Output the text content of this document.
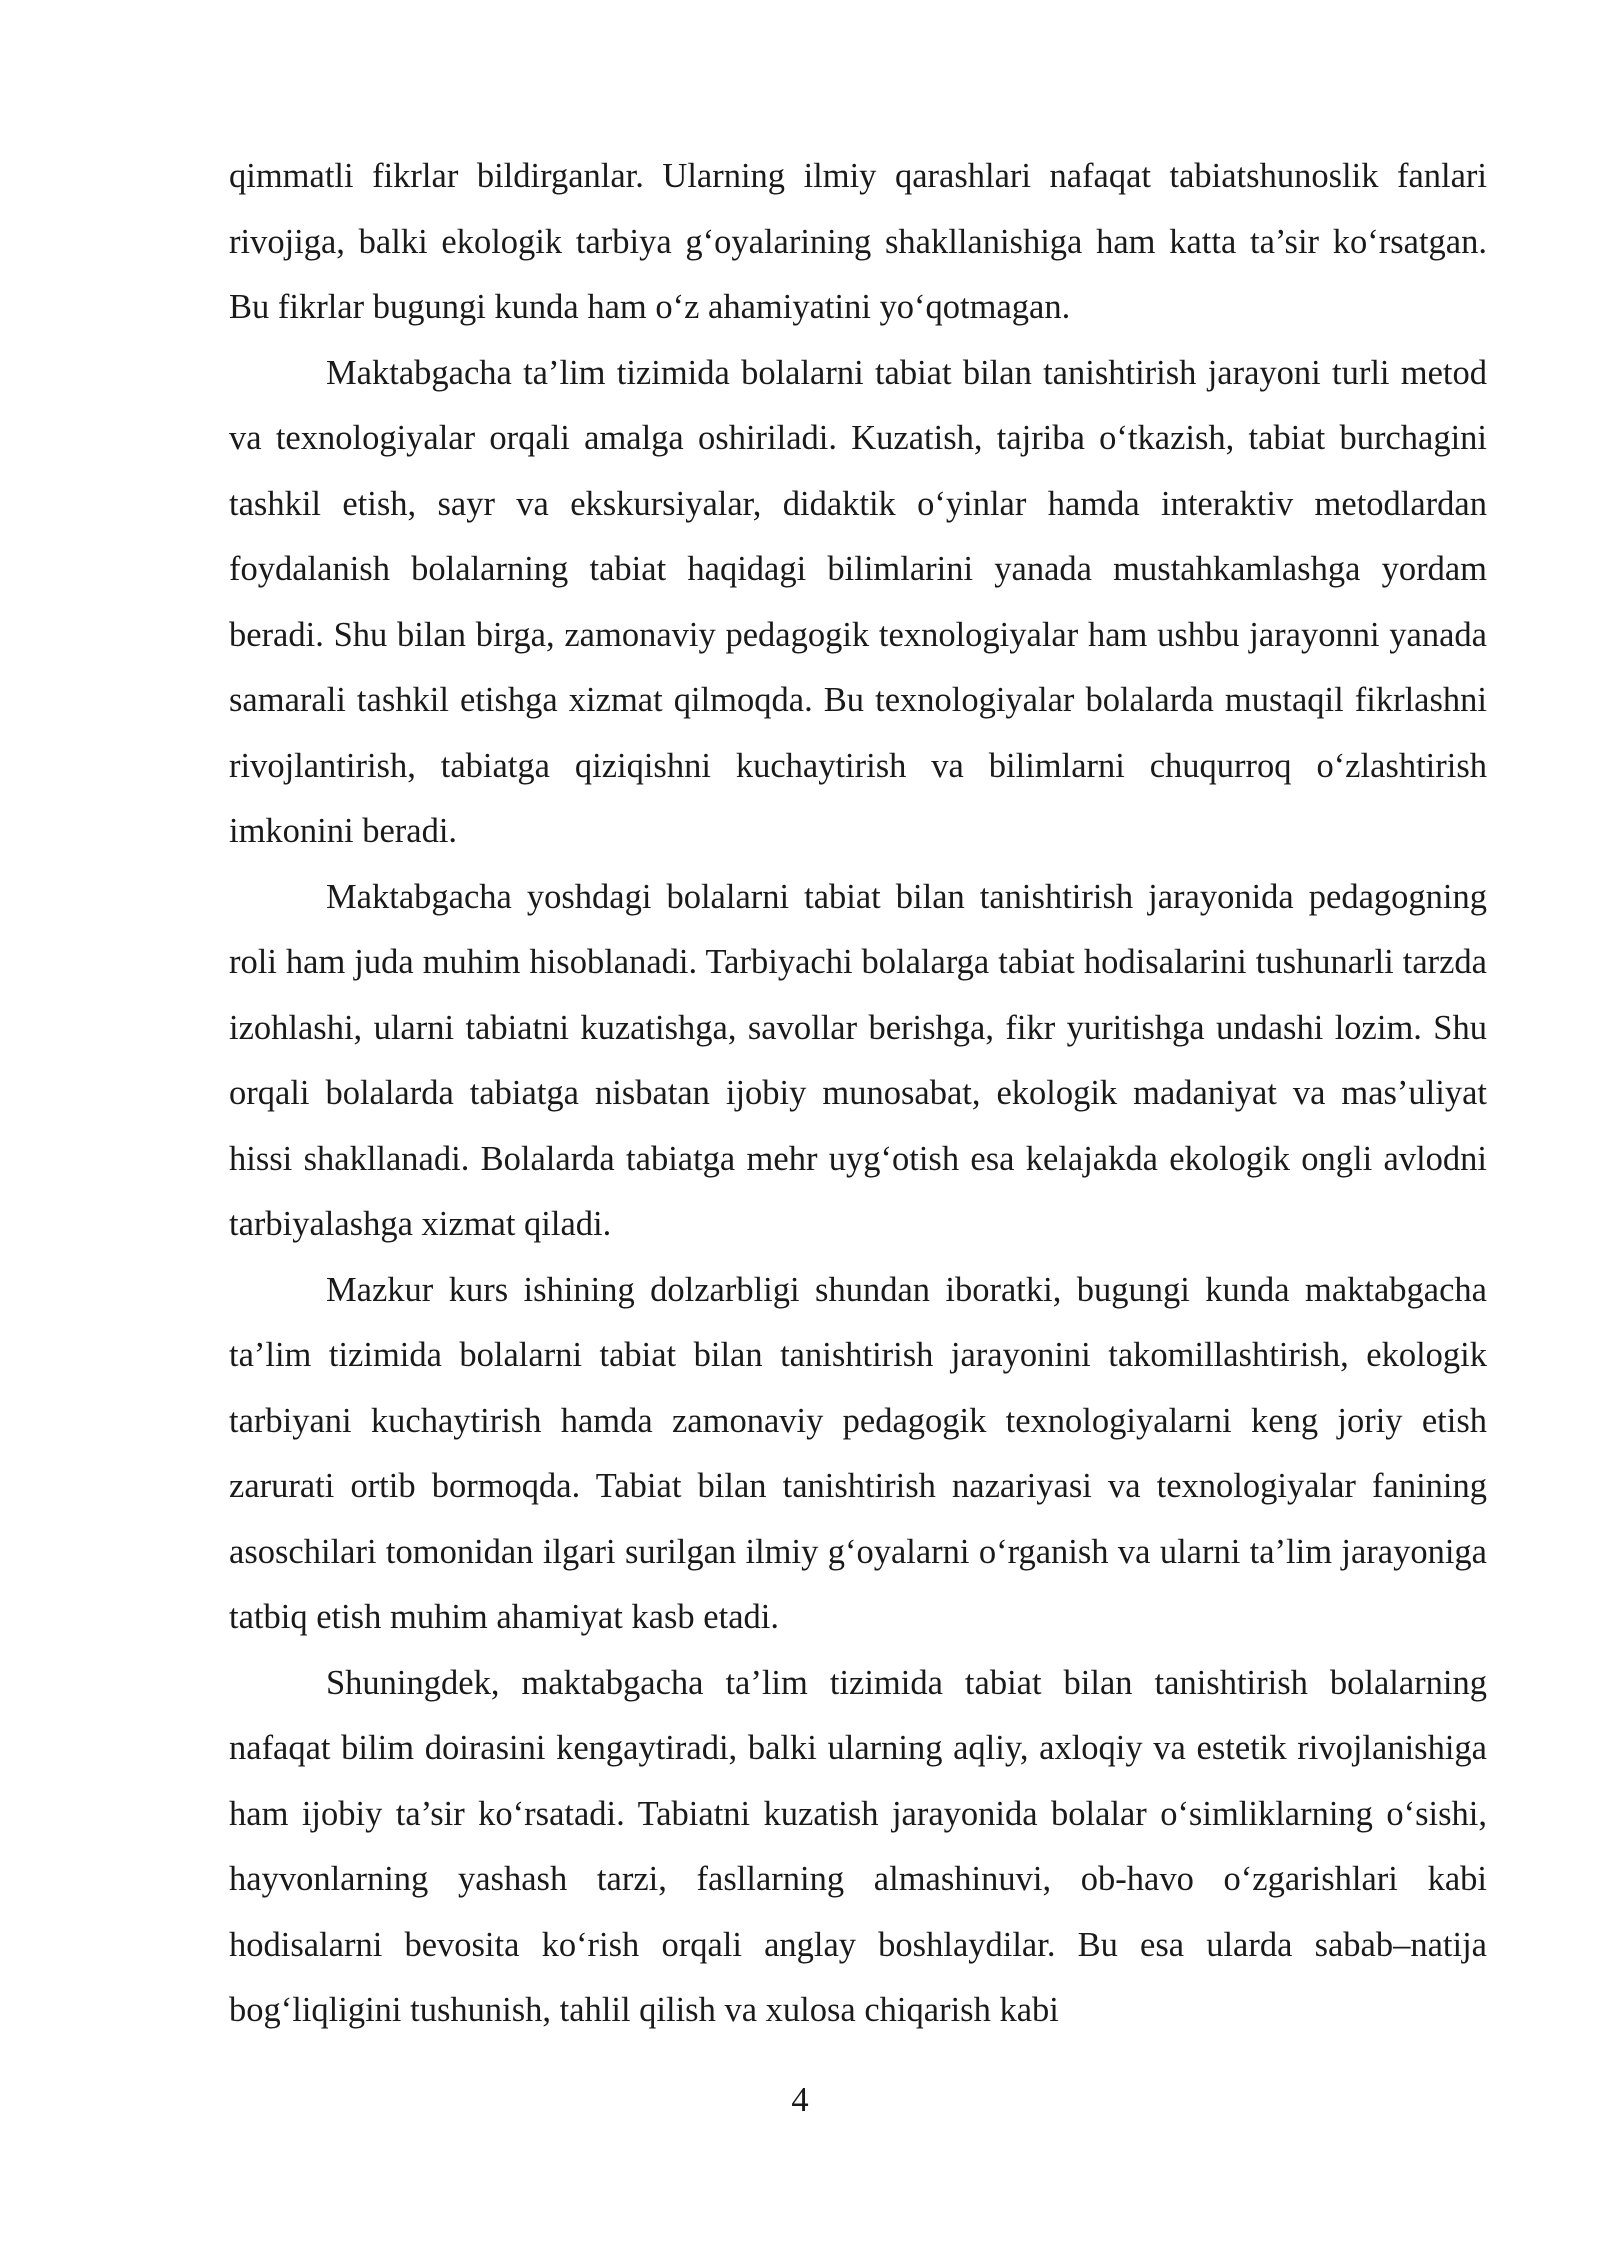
qimmatli fikrlar bildirganlar. Ularning ilmiy qarashlari nafaqat tabiatshunoslik fanlari rivojiga, balki ekologik tarbiya g‘oyalarining shakllanishiga ham katta ta’sir ko‘rsatgan. Bu fikrlar bugungi kunda ham o‘z ahamiyatini yo‘qotmagan.

Maktabgacha ta’lim tizimida bolalarni tabiat bilan tanishtirish jarayoni turli metod va texnologiyalar orqali amalga oshiriladi. Kuzatish, tajriba o‘tkazish, tabiat burchagini tashkil etish, sayr va ekskursiyalar, didaktik o‘yinlar hamda interaktiv metodlardan foydalanish bolalarning tabiat haqidagi bilimlarini yanada mustahkamlashga yordam beradi. Shu bilan birga, zamonaviy pedagogik texnologiyalar ham ushbu jarayonni yanada samarali tashkil etishga xizmat qilmoqda. Bu texnologiyalar bolalarda mustaqil fikrlashni rivojlantirish, tabiatga qiziqishni kuchaytirish va bilimlarni chuqurroq o‘zlashtirish imkonini beradi.

Maktabgacha yoshdagi bolalarni tabiat bilan tanishtirish jarayonida pedagogning roli ham juda muhim hisoblanadi. Tarbiyachi bolalarga tabiat hodisalarini tushunarli tarzda izohlashi, ularni tabiatni kuzatishga, savollar berishga, fikr yuritishga undashi lozim. Shu orqali bolalarda tabiatga nisbatan ijobiy munosabat, ekologik madaniyat va mas’uliyat hissi shakllanadi. Bolalarda tabiatga mehr uyg‘otish esa kelajakda ekologik ongli avlodni tarbiyalashga xizmat qiladi.

Mazkur kurs ishining dolzarbligi shundan iboratki, bugungi kunda maktabgacha ta’lim tizimida bolalarni tabiat bilan tanishtirish jarayonini takomillashtirish, ekologik tarbiyani kuchaytirish hamda zamonaviy pedagogik texnologiyalarni keng joriy etish zarurati ortib bormoqda. Tabiat bilan tanishtirish nazariyasi va texnologiyalar fanining asoschilari tomonidan ilgari surilgan ilmiy g‘oyalarni o‘rganish va ularni ta’lim jarayoniga tatbiq etish muhim ahamiyat kasb etadi.

Shuningdek, maktabgacha ta’lim tizimida tabiat bilan tanishtirish bolalarning nafaqat bilim doirasini kengaytiradi, balki ularning aqliy, axloqiy va estetik rivojlanishiga ham ijobiy ta’sir ko‘rsatadi. Tabiatni kuzatish jarayonida bolalar o‘simliklarning o‘sishi, hayvonlarning yashash tarzi, fasllarning almashinuvi, ob-havo o‘zgarishlari kabi hodisalarni bevosita ko‘rish orqali anglay boshlaydilar. Bu esa ularda sabab–natija bog‘liqligini tushunish, tahlil qilish va xulosa chiqarish kabi

4
